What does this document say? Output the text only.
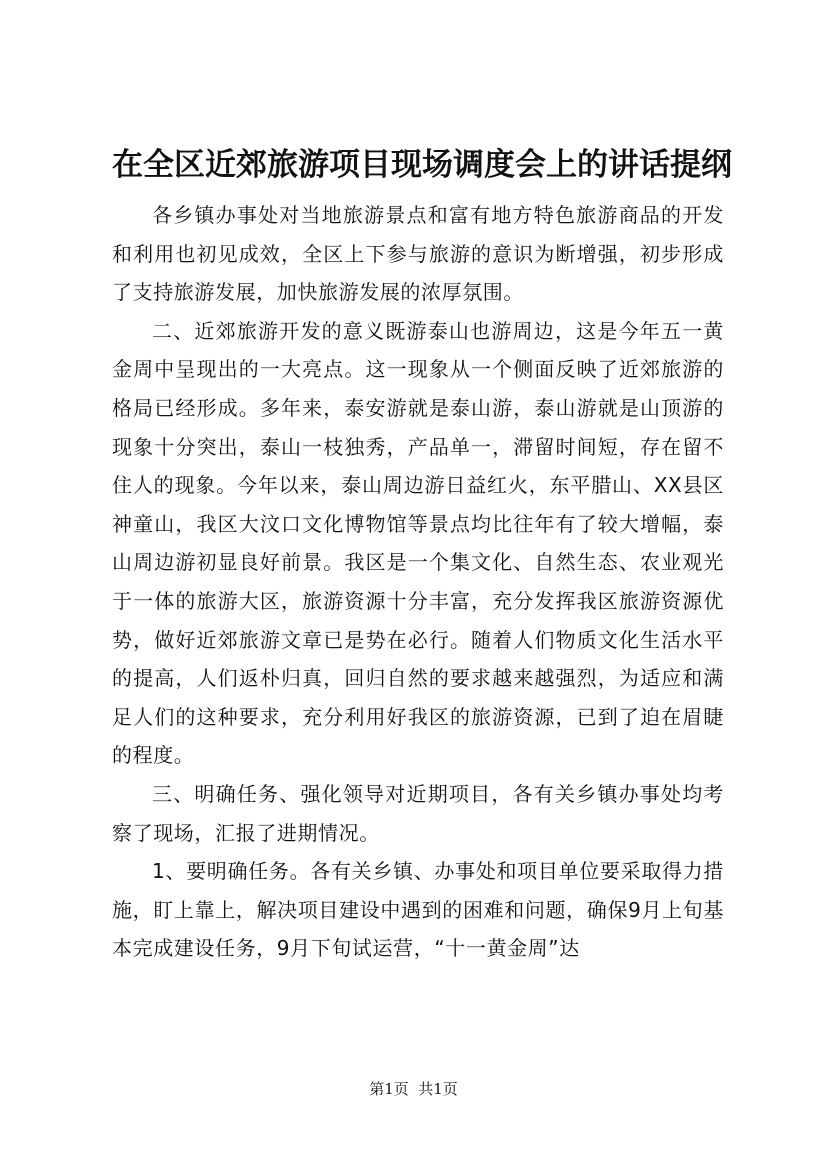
在全区近郊旅游项目现场调度会上的讲话提纲

各乡镇办事处对当地旅游景点和富有地方特色旅游商品的开发和利用也初见成效，全区上下参与旅游的意识为断增强，初步形成了支持旅游发展，加快旅游发展的浓厚氛围。

二、近郊旅游开发的意义既游泰山也游周边，这是今年五一黄金周中呈现出的一大亮点。这一现象从一个侧面反映了近郊旅游的格局已经形成。多年来，泰安游就是泰山游，泰山游就是山顶游的现象十分突出，泰山一枝独秀，产品单一，滞留时间短，存在留不住人的现象。今年以来，泰山周边游日益红火，东平腊山、XX县区神童山，我区大汶口文化博物馆等景点均比往年有了较大增幅，泰山周边游初显良好前景。我区是一个集文化、自然生态、农业观光于一体的旅游大区，旅游资源十分丰富，充分发挥我区旅游资源优势，做好近郊旅游文章已是势在必行。随着人们物质文化生活水平的提高，人们返朴归真，回归自然的要求越来越强烈，为适应和满足人们的这种要求，充分利用好我区的旅游资源，已到了迫在眉睫的程度。

三、明确任务、强化领导对近期项目，各有关乡镇办事处均考察了现场，汇报了进期情况。

1、要明确任务。各有关乡镇、办事处和项目单位要采取得力措施，盯上靠上，解决项目建设中遇到的困难和问题，确保9月上旬基本完成建设任务，9月下旬试运营，“十一黄金周”达

第1页  共1页
